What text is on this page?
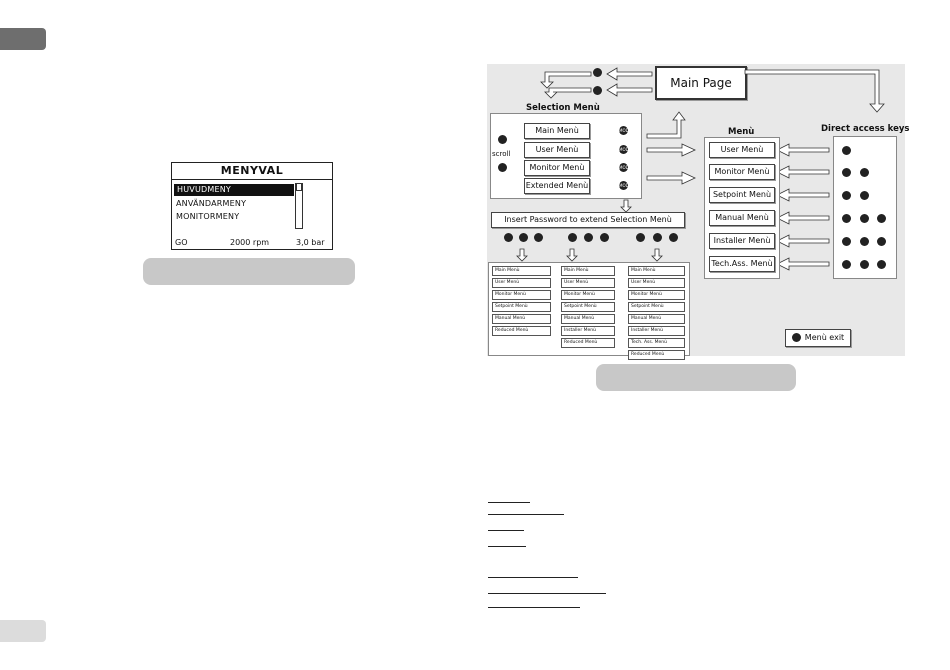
MENYVAL
HUVUDMENY
ANVÄNDARMENY
MONITORMENY
GO	2000 rpm	3,0 bar
Main Page
Selection Menù
scroll
Main Menù
User Menù
Monitor Menù
Extended Menù
MODE
MODE
MODE
MODE
Menù
User Menù
Monitor Menù
Setpoint Menù
Manual Menù
Installer Menù
Tech.Ass. Menù
Direct access keys
Insert Password to extend Selection Menù
Main Menù
User Menù
Monitor Menù
Setpoint Menù
Manual Menù
Reduced Menù
Main Menù
User Menù
Monitor Menù
Setpoint Menù
Manual Menù
Installer Menù
Reduced Menù
Main Menù
User Menù
Monitor Menù
Setpoint Menù
Manual Menù
Installer Menù
Tech. Ass. Menù
Reduced Menù
Menù exit
